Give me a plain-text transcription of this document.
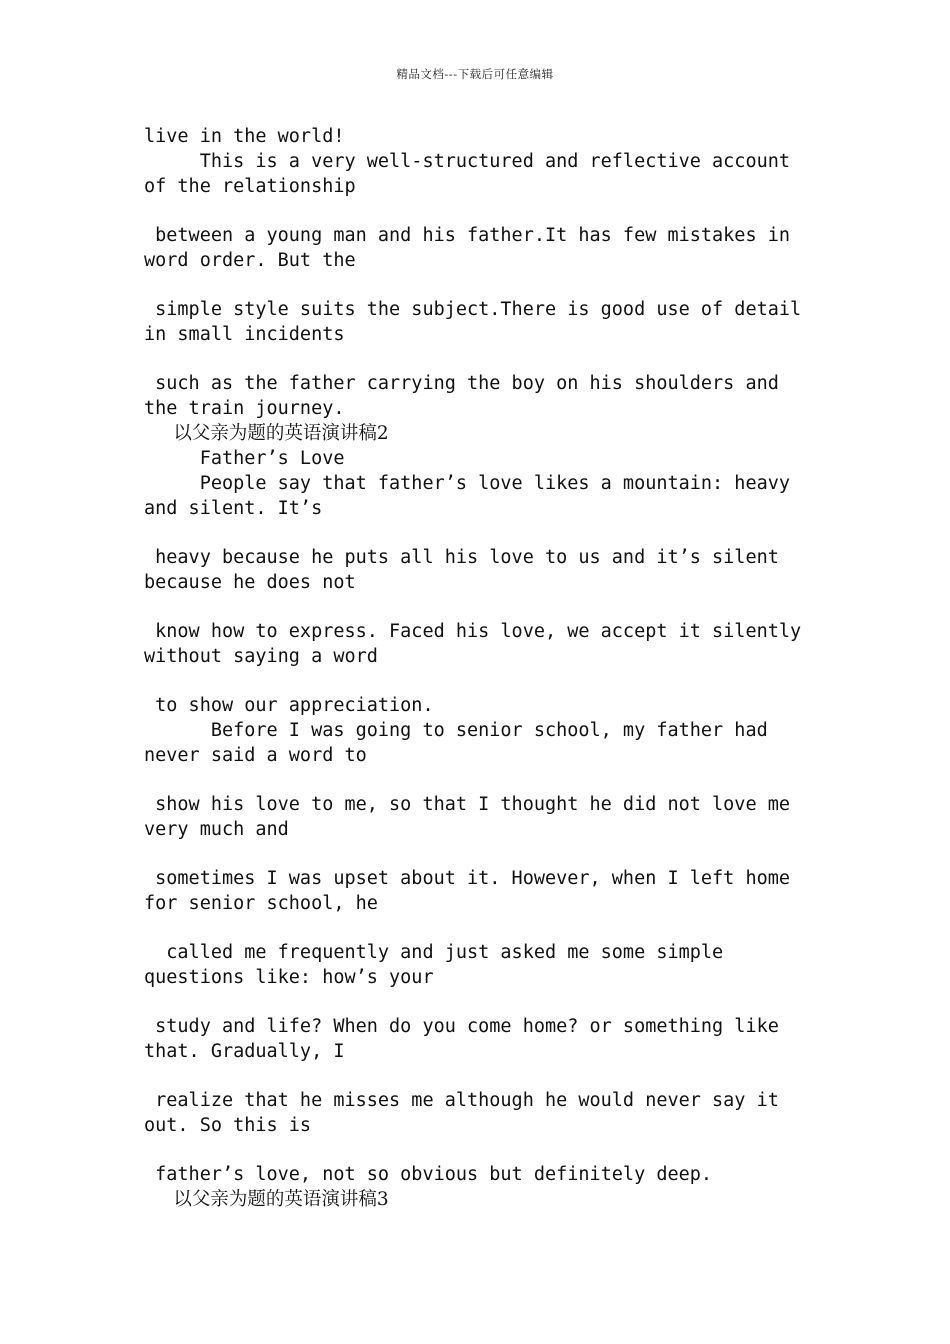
精品文档---下载后可任意编辑
live in the world!
This is a very well-structured and reflective account
of the relationship
between a young man and his father.It has few mistakes in
word order. But the
simple style suits the subject.There is good use of detail
in small incidents
such as the father carrying the boy on his shoulders and
the train journey.
以父亲为题的英语演讲稿2
Father’s Love
People say that father’s love likes a mountain: heavy
and silent. It’s
heavy because he puts all his love to us and it’s silent
because he does not
know how to express. Faced his love, we accept it silently
without saying a word
to show our appreciation.
Before I was going to senior school, my father had
never said a word to
show his love to me, so that I thought he did not love me
very much and
sometimes I was upset about it. However, when I left home
for senior school, he
called me frequently and just asked me some simple
questions like: how’s your
study and life? When do you come home? or something like
that. Gradually, I
realize that he misses me although he would never say it
out. So this is
father’s love, not so obvious but definitely deep.
以父亲为题的英语演讲稿3
